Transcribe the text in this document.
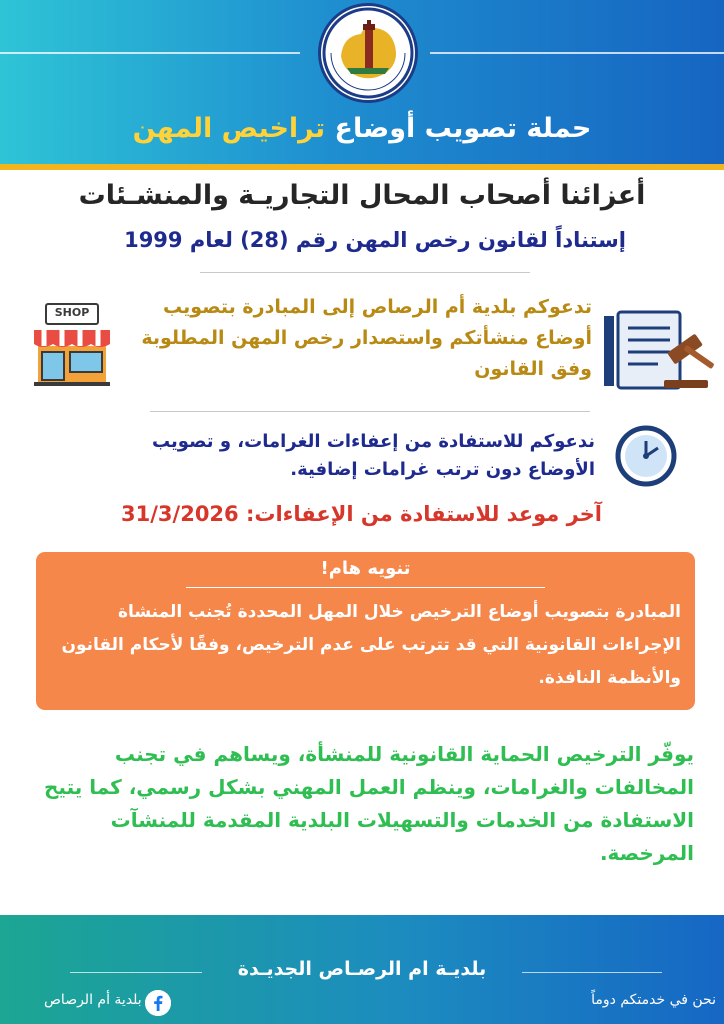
حملة تصويب أوضاع تراخيص المهن
أعزائنا أصحاب المحال التجاريـة والمنشـئات
إستناداً لقانون رخص المهن رقم (28) لعام 1999
SHOP	تدعوكم بلدية أم الرصاص إلى المبادرة بتصويب أوضاع منشأتكم واستصدار رخص المهن المطلوبة وفق القانون
ندعوكم للاستفادة من إعفاءات الغرامات، و تصويب الأوضاع دون ترتب غرامات إضافية.
آخر موعد للاستفادة من الإعفاءات: 31/3/2026
تنويه هام!
المبادرة بتصويب أوضاع الترخيص خلال المهل المحددة تُجنب المنشاة الإجراءات القانونية التي قد تترتب على عدم الترخيص، وفقًا لأحكام القانون والأنظمة النافذة.
يوفّر الترخيص الحماية القانونية للمنشأة، ويساهم في تجنب المخالفات والغرامات، وينظم العمل المهني بشكل رسمي، كما يتيح الاستفادة من الخدمات والتسهيلات البلدية المقدمة للمنشآت المرخصة.
بلديـة ام الرصـاص الجديـدة
نحن في خدمتكم دوماً
بلدية أم الرصاص
